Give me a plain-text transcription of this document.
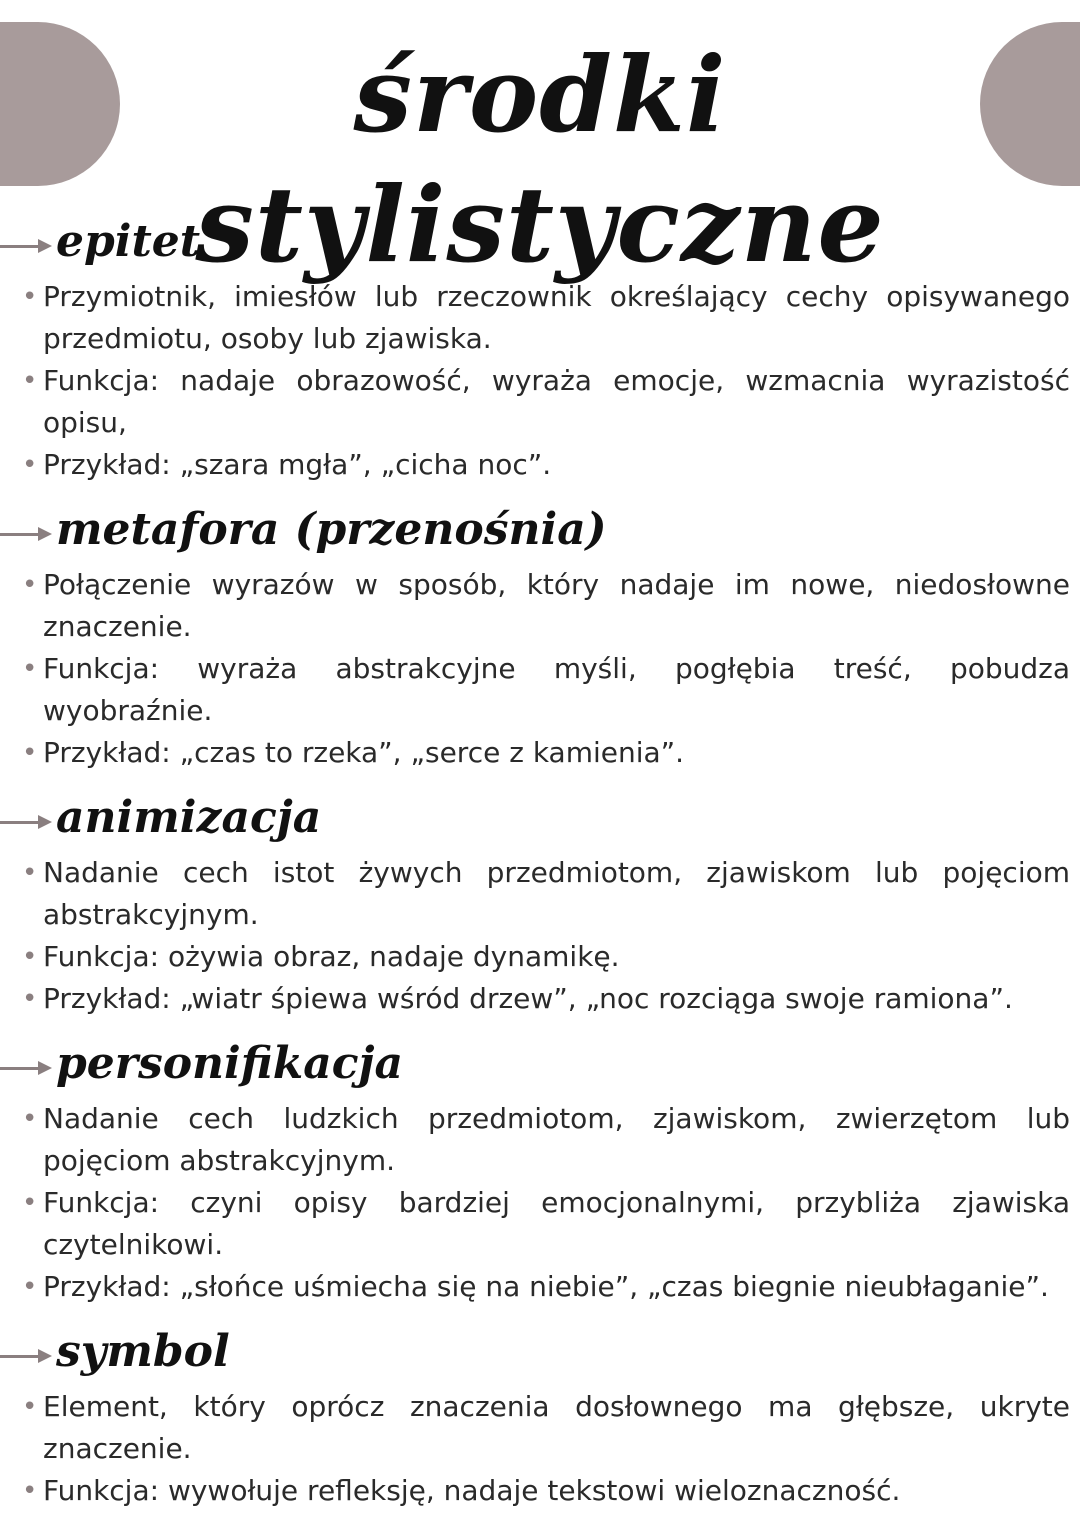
środki stylistyczne
epitet
• Przymiotnik, imiesłów lub rzeczownik określający cechy opisywanego przedmiotu, osoby lub zjawiska.
• Funkcja: nadaje obrazowość, wyraża emocje, wzmacnia wyrazistość opisu,
• Przykład: „szara mgła”, „cicha noc”.
metafora (przenośnia)
• Połączenie wyrazów w sposób, który nadaje im nowe, niedosłowne znaczenie.
• Funkcja: wyraża abstrakcyjne myśli, pogłębia treść, pobudza wyobraźnie.
• Przykład: „czas to rzeka”, „serce z kamienia”.
animizacja
• Nadanie cech istot żywych przedmiotom, zjawiskom lub pojęciom abstrakcyjnym.
• Funkcja: ożywia obraz, nadaje dynamikę.
• Przykład: „wiatr śpiewa wśród drzew”, „noc rozciąga swoje ramiona”.
personifikacja
• Nadanie cech ludzkich przedmiotom, zjawiskom, zwierzętom lub pojęciom abstrakcyjnym.
• Funkcja: czyni opisy bardziej emocjonalnymi, przybliża zjawiska czytelnikowi.
• Przykład: „słońce uśmiecha się na niebie”, „czas biegnie nieubłaganie”.
symbol
• Element, który oprócz znaczenia dosłownego ma głębsze, ukryte znaczenie.
• Funkcja: wywołuje refleksję, nadaje tekstowi wieloznaczność.
